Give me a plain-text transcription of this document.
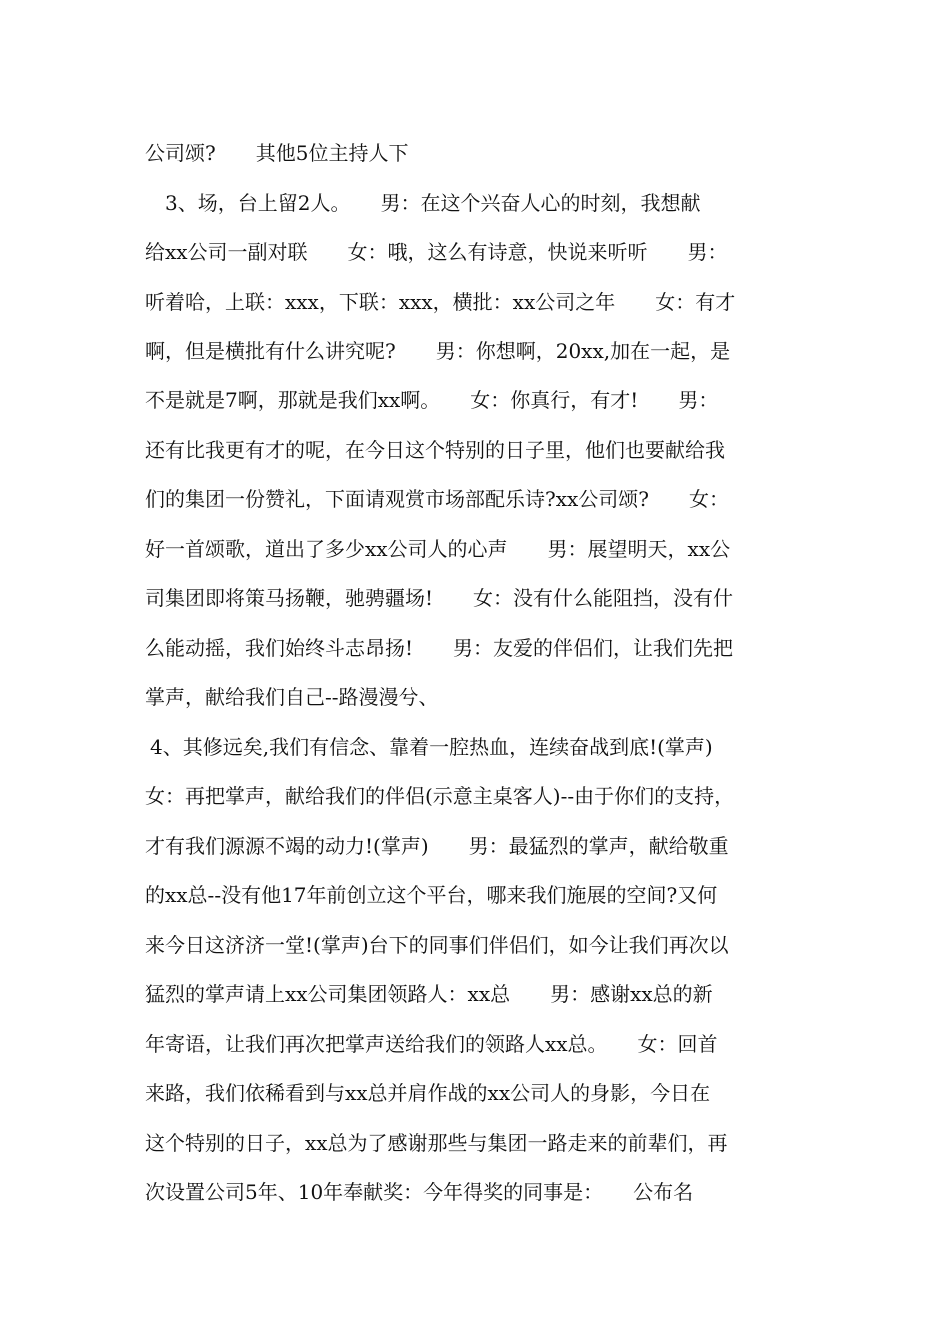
公司颂?　　其他5位主持人下
　3、场，台上留2人。　　男：在这个兴奋人心的时刻，我想献
给xx公司一副对联　　女：哦，这么有诗意，快说来听听　　男：
听着哈，上联：xxx，下联：xxx，横批：xx公司之年　　女：有才
啊，但是横批有什么讲究呢?　　男：你想啊，20xx,加在一起，是
不是就是7啊，那就是我们xx啊。　　女：你真行，有才!　　男：
还有比我更有才的呢，在今日这个特别的日子里，他们也要献给我
们的集团一份赞礼，下面请观赏市场部配乐诗?xx公司颂?　　女：
好一首颂歌，道出了多少xx公司人的心声　　男：展望明天，xx公
司集团即将策马扬鞭，驰骋疆场!　　女：没有什么能阻挡，没有什
么能动摇，我们始终斗志昂扬!　　男：友爱的伴侣们，让我们先把
掌声，献给我们自己--路漫漫兮、
4、其修远矣,我们有信念、靠着一腔热血，连续奋战到底!(掌声)
女：再把掌声，献给我们的伴侣(示意主桌客人)--由于你们的支持，
才有我们源源不竭的动力!(掌声)　　男：最猛烈的掌声，献给敬重
的xx总--没有他17年前创立这个平台，哪来我们施展的空间?又何
来今日这济济一堂!(掌声)台下的同事们伴侣们，如今让我们再次以
猛烈的掌声请上xx公司集团领路人：xx总　　男：感谢xx总的新
年寄语，让我们再次把掌声送给我们的领路人xx总。　　女：回首
来路，我们依稀看到与xx总并肩作战的xx公司人的身影，今日在
这个特别的日子，xx总为了感谢那些与集团一路走来的前辈们，再
次设置公司5年、10年奉献奖：今年得奖的同事是：　　公布名
